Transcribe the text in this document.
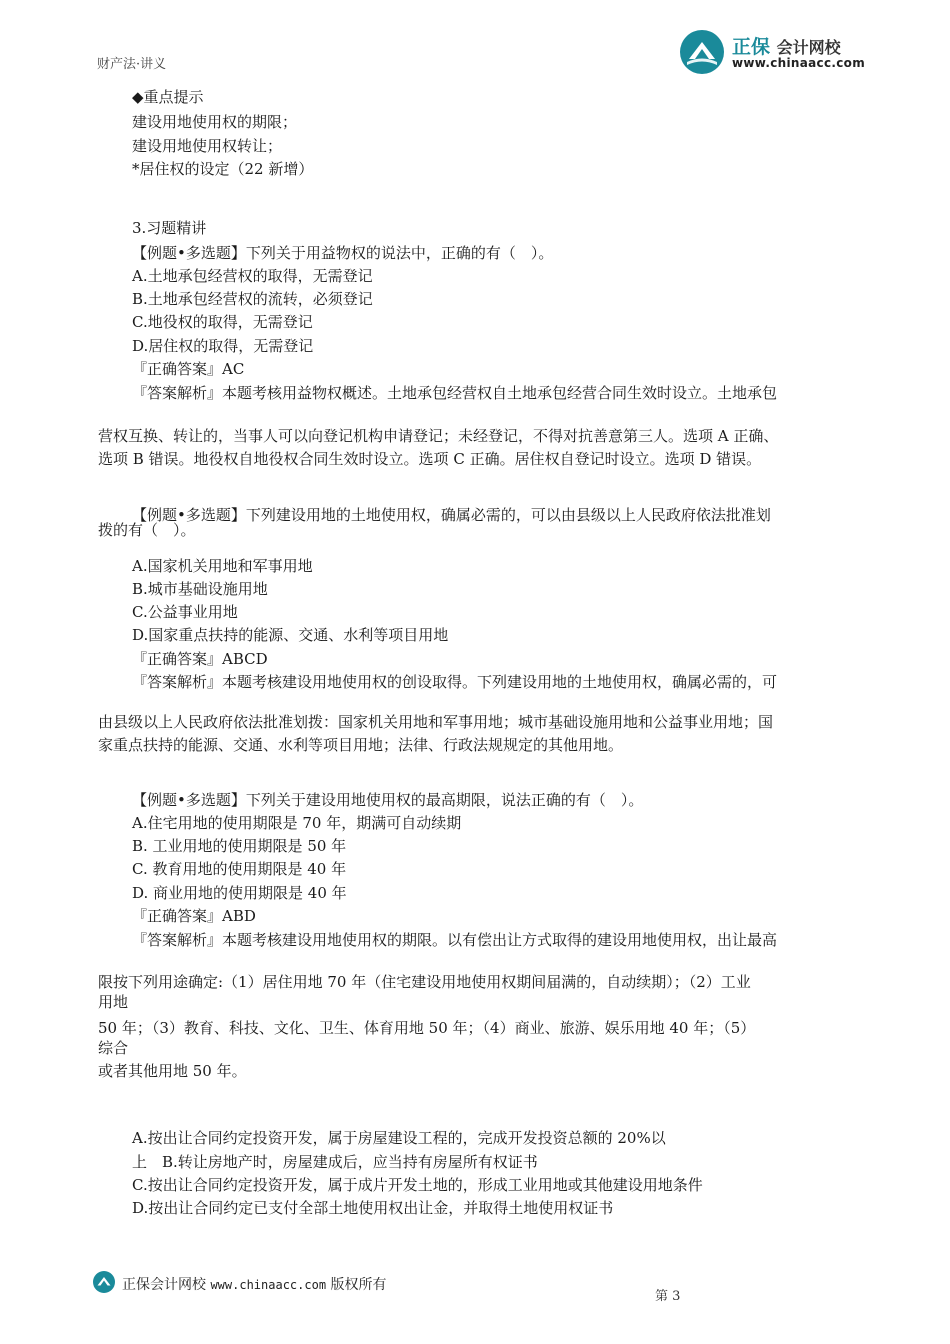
财产法·讲义
正保 会计网校
www.chinaacc.com
◆重点提示
建设用地使用权的期限；
建设用地使用权转让；
*居住权的设定（22 新增）
3.习题精讲
【例题•多选题】下列关于用益物权的说法中，正确的有（　）。
A.土地承包经营权的取得，无需登记
B.土地承包经营权的流转，必须登记
C.地役权的取得，无需登记
D.居住权的取得，无需登记
『正确答案』AC
『答案解析』本题考核用益物权概述。土地承包经营权自土地承包经营合同生效时设立。土地承包
营权互换、转让的，当事人可以向登记机构申请登记；未经登记，不得对抗善意第三人。选项 A 正确、
选项 B 错误。地役权自地役权合同生效时设立。选项 C 正确。居住权自登记时设立。选项 D 错误。
【例题•多选题】下列建设用地的土地使用权，确属必需的，可以由县级以上人民政府依法批准划
拨的有（　）。
A.国家机关用地和军事用地
B.城市基础设施用地
C.公益事业用地
D.国家重点扶持的能源、交通、水利等项目用地
『正确答案』ABCD
『答案解析』本题考核建设用地使用权的创设取得。下列建设用地的土地使用权，确属必需的，可
由县级以上人民政府依法批准划拨：国家机关用地和军事用地；城市基础设施用地和公益事业用地；国
家重点扶持的能源、交通、水利等项目用地；法律、行政法规规定的其他用地。
【例题•多选题】下列关于建设用地使用权的最高期限，说法正确的有（　）。
A.住宅用地的使用期限是 70 年，期满可自动续期
B. 工业用地的使用期限是 50 年
C. 教育用地的使用期限是 40 年
D. 商业用地的使用期限是 40 年
『正确答案』ABD
『答案解析』本题考核建设用地使用权的期限。以有偿出让方式取得的建设用地使用权，出让最高
限按下列用途确定:（1）居住用地 70 年（住宅建设用地使用权期间届满的，自动续期）；（2）工业
用地
50 年；（3）教育、科技、文化、卫生、体育用地 50 年；（4）商业、旅游、娱乐用地 40 年；（5）
综合
或者其他用地 50 年。
A.按出让合同约定投资开发，属于房屋建设工程的，完成开发投资总额的 20%以
上　B.转让房地产时，房屋建成后，应当持有房屋所有权证书
C.按出让合同约定投资开发，属于成片开发土地的，形成工业用地或其他建设用地条件
D.按出让合同约定已支付全部土地使用权出让金，并取得土地使用权证书
正保会计网校 www.chinaacc.com 版权所有
第 3
